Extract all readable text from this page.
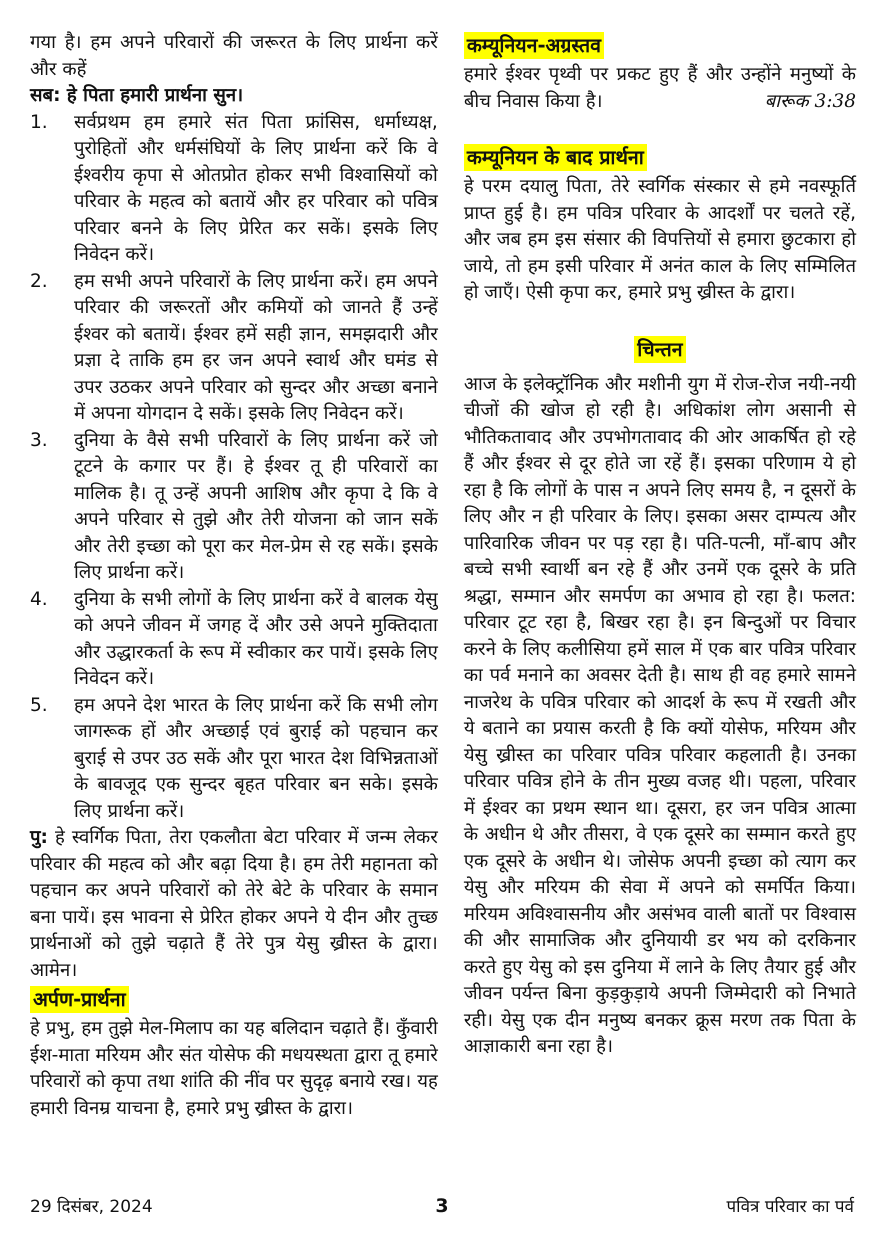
गया है। हम अपने परिवारों की जरूरत के लिए प्रार्थना करें और कहें

सब: हे पिता हमारी प्रार्थना सुन।

1.	सर्वप्रथम हम हमारे संत पिता फ्रांसिस, धर्माध्यक्ष, पुरोहितों और धर्मसंघियों के लिए प्रार्थना करें कि वे ईश्वरीय कृपा से ओतप्रोत होकर सभी विश्वासियों को परिवार के महत्व को बतायें और हर परिवार को पवित्र परिवार बनने के लिए प्रेरित कर सकें। इसके लिए निवेदन करें।
2.	हम सभी अपने परिवारों के लिए प्रार्थना करें। हम अपने परिवार की जरूरतों और कमियों को जानते हैं उन्हें ईश्वर को बतायें। ईश्वर हमें सही ज्ञान, समझदारी और प्रज्ञा दे ताकि हम हर जन अपने स्वार्थ और घमंड से उपर उठकर अपने परिवार को सुन्दर और अच्छा बनाने में अपना योगदान दे सकें। इसके लिए निवेदन करें।
3.	दुनिया के वैसे सभी परिवारों के लिए प्रार्थना करें जो टूटने के कगार पर हैं। हे ईश्वर तू ही परिवारों का मालिक है। तू उन्हें अपनी आशिष और कृपा दे कि वे अपने परिवार से तुझे और तेरी योजना को जान सकें और तेरी इच्छा को पूरा कर मेल-प्रेम से रह सकें। इसके लिए प्रार्थना करें।
4.	दुनिया के सभी लोगों के लिए प्रार्थना करें वे बालक येसु को अपने जीवन में जगह दें और उसे अपने मुक्तिदाता और उद्धारकर्ता के रूप में स्वीकार कर पायें। इसके लिए निवेदन करें।
5.	हम अपने देश भारत के लिए प्रार्थना करें कि सभी लोग जागरूक हों और अच्छाई एवं बुराई को पहचान कर बुराई से उपर उठ सकें और पूरा भारत देश विभिन्नताओं के बावजूद एक सुन्दर बृहत परिवार बन सके। इसके लिए प्रार्थना करें।

पु: हे स्वर्गिक पिता, तेरा एकलौता बेटा परिवार में जन्म लेकर परिवार की महत्व को और बढ़ा दिया है। हम तेरी महानता को पहचान कर अपने परिवारों को तेरे बेटे के परिवार के समान बना पायें। इस भावना से प्रेरित होकर अपने ये दीन और तुच्छ प्रार्थनाओं को तुझे चढ़ाते हैं तेरे पुत्र येसु ख्रीस्त के द्वारा। आमेन।

अर्पण-प्रार्थना

हे प्रभु, हम तुझे मेल-मिलाप का यह बलिदान चढ़ाते हैं। कुँवारी ईश-माता मरियम और संत योसेफ की मधयस्थता द्वारा तू हमारे परिवारों को कृपा तथा शांति की नींव पर सुदृढ़ बनाये रख। यह हमारी विनम्र याचना है, हमारे प्रभु ख्रीस्त के द्वारा।

कम्यूनियन-अग्रस्तव

हमारे ईश्वर पृथ्वी पर प्रकट हुए हैं और उन्होंने मनुष्यों के बीच निवास किया है।	बारूक 3:38

कम्यूनियन के बाद प्रार्थना

हे परम दयालु पिता, तेरे स्वर्गिक संस्कार से हमे नवस्फूर्ति प्राप्त हुई है। हम पवित्र परिवार के आदर्शों पर चलते रहें, और जब हम इस संसार की विपत्तियों से हमारा छुटकारा हो जाये, तो हम इसी परिवार में अनंत काल के लिए सम्मिलित हो जाएँ। ऐसी कृपा कर, हमारे प्रभु ख्रीस्त के द्वारा।

चिन्तन

आज के इलेक्ट्रॉनिक और मशीनी युग में रोज-रोज नयी-नयी चीजों की खोज हो रही है। अधिकांश लोग असानी से भौतिकतावाद और उपभोगतावाद की ओर आकर्षित हो रहे हैं और ईश्वर से दूर होते जा रहें हैं। इसका परिणाम ये हो रहा है कि लोगों के पास न अपने लिए समय है, न दूसरों के लिए और न ही परिवार के लिए। इसका असर दाम्पत्य और पारिवारिक जीवन पर पड़ रहा है। पति-पत्नी, माँ-बाप और बच्चे सभी स्वार्थी बन रहे हैं और उनमें एक दूसरे के प्रति श्रद्धा, सम्मान और समर्पण का अभाव हो रहा है। फलत: परिवार टूट रहा है, बिखर रहा है। इन बिन्दुओं पर विचार करने के लिए कलीसिया हमें साल में एक बार पवित्र परिवार का पर्व मनाने का अवसर देती है। साथ ही वह हमारे सामने नाजरेथ के पवित्र परिवार को आदर्श के रूप में रखती और ये बताने का प्रयास करती है कि क्यों योसेफ, मरियम और येसु ख्रीस्त का परिवार पवित्र परिवार कहलाती है। उनका परिवार पवित्र होने के तीन मुख्य वजह थी। पहला, परिवार में ईश्वर का प्रथम स्थान था। दूसरा, हर जन पवित्र आत्मा के अधीन थे और तीसरा, वे एक दूसरे का सम्मान करते हुए एक दूसरे के अधीन थे। जोसेफ अपनी इच्छा को त्याग कर येसु और मरियम की सेवा में अपने को समर्पित किया। मरियम अविश्वासनीय और असंभव वाली बातों पर विश्वास की और सामाजिक और दुनियायी डर भय को दरकिनार करते हुए येसु को इस दुनिया में लाने के लिए तैयार हुई और जीवन पर्यन्त बिना कुड़कुड़ाये अपनी जिम्मेदारी को निभाते रही। येसु एक दीन मनुष्य बनकर क्रूस मरण तक पिता के आज्ञाकारी बना रहा है।

29 दिसंबर, 2024	3	पवित्र परिवार का पर्व
